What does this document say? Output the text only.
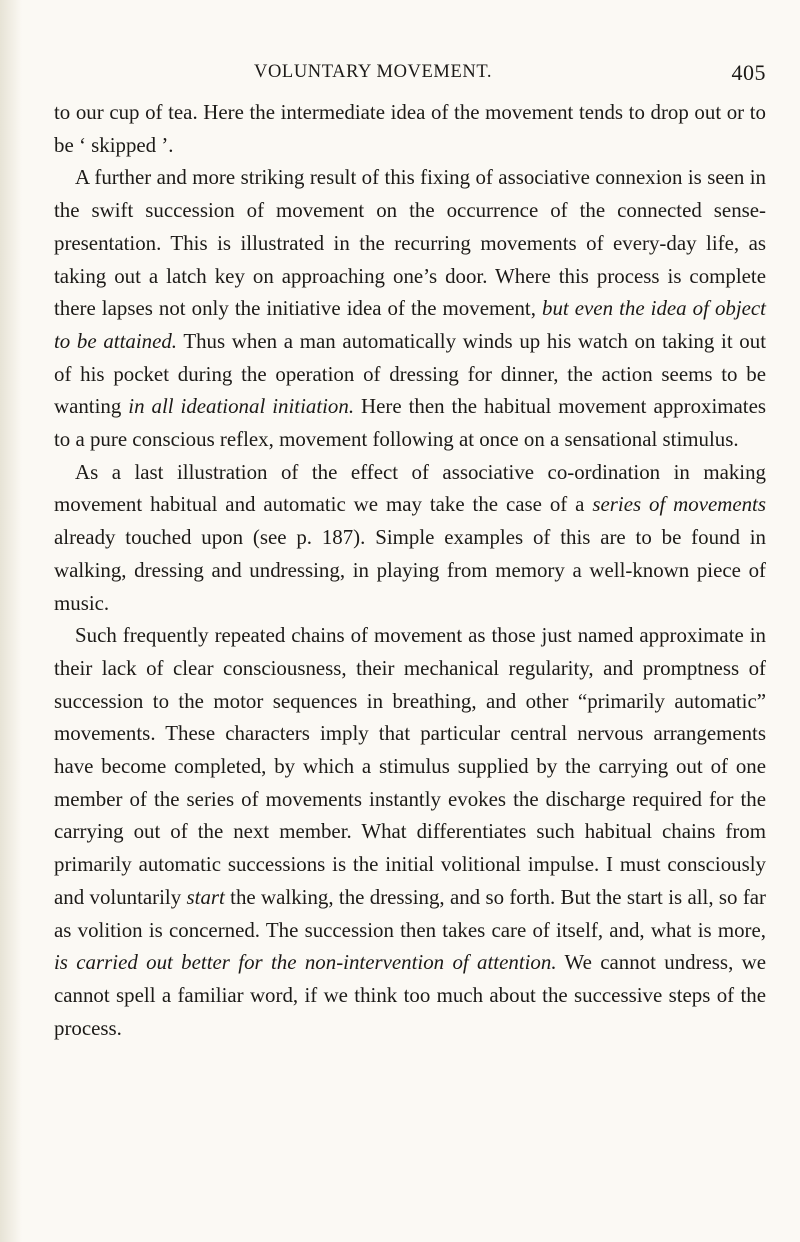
VOLUNTARY MOVEMENT.	405

to our cup of tea. Here the intermediate idea of the movement tends to drop out or to be ‘ skipped ’.

A further and more striking result of this fixing of associative connexion is seen in the swift succession of movement on the occurrence of the connected sense-presentation. This is illustrated in the recurring movements of every-day life, as taking out a latch key on approaching one’s door. Where this process is complete there lapses not only the initiative idea of the movement, but even the idea of object to be attained. Thus when a man automatically winds up his watch on taking it out of his pocket during the operation of dressing for dinner, the action seems to be wanting in all ideational initiation. Here then the habitual movement approximates to a pure conscious reflex, movement following at once on a sensational stimulus.

As a last illustration of the effect of associative co-ordination in making movement habitual and automatic we may take the case of a series of movements already touched upon (see p. 187). Simple examples of this are to be found in walking, dressing and undressing, in playing from memory a well-known piece of music.

Such frequently repeated chains of movement as those just named approximate in their lack of clear consciousness, their mechanical regularity, and promptness of succession to the motor sequences in breathing, and other “primarily automatic” movements. These characters imply that particular central nervous arrangements have become completed, by which a stimulus supplied by the carrying out of one member of the series of movements instantly evokes the discharge required for the carrying out of the next member. What differentiates such habitual chains from primarily automatic successions is the initial volitional impulse. I must consciously and voluntarily start the walking, the dressing, and so forth. But the start is all, so far as volition is concerned. The succession then takes care of itself, and, what is more, is carried out better for the non-intervention of attention. We cannot undress, we cannot spell a familiar word, if we think too much about the successive steps of the process.
